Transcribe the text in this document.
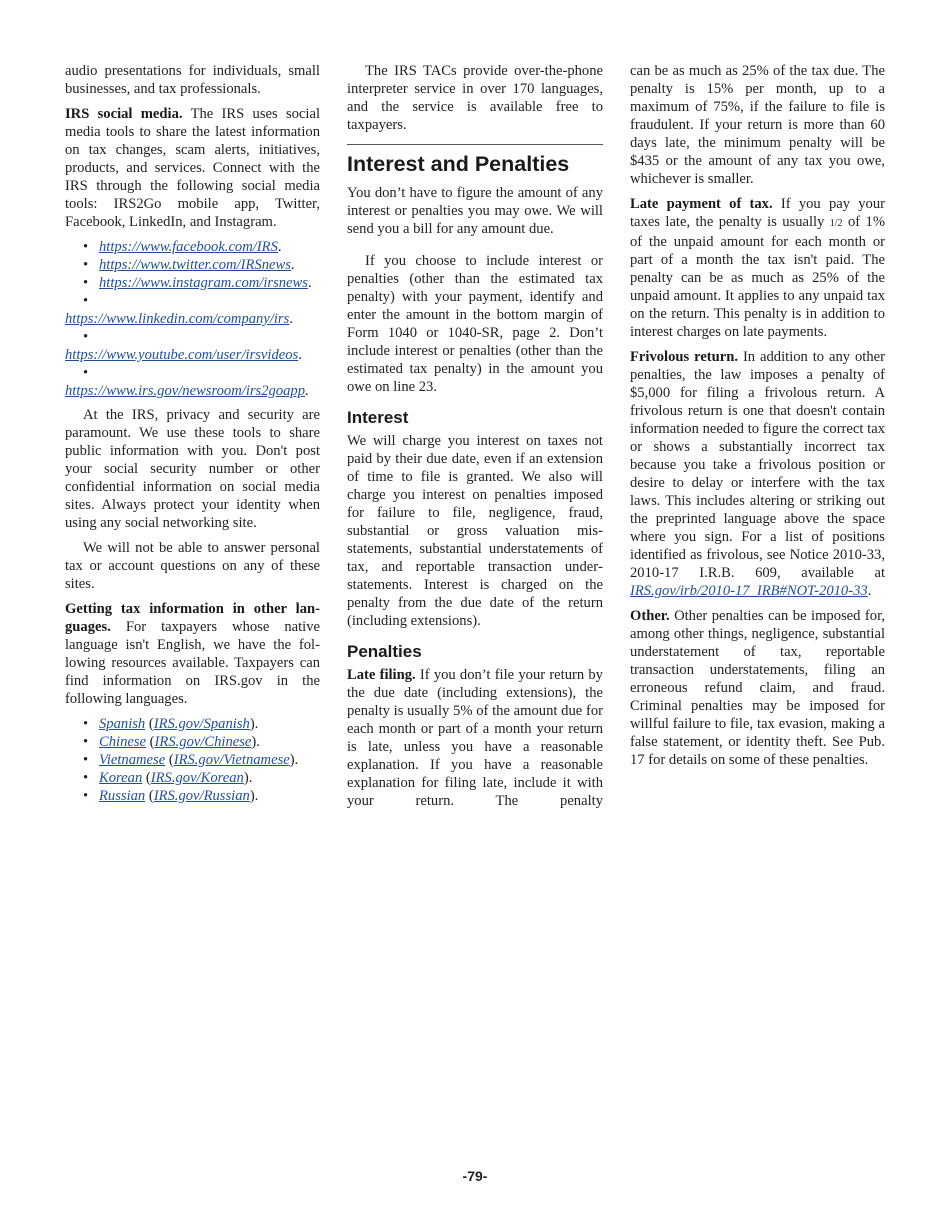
audio presentations for individuals, small businesses, and tax professionals.

IRS social media. The IRS uses social media tools to share the latest information on tax changes, scam alerts, initiatives, products, and services. Connect with the IRS through the following social media tools: IRS2Go mobile app, Twitter, Facebook, LinkedIn, and Instagram.

• https://www.facebook.com/IRS.
• https://www.twitter.com/IRSnews.
• https://www.instagram.com/irsnews.
• https://www.linkedin.com/company/irs.
• https://www.youtube.com/user/irsvideos.
• https://www.irs.gov/newsroom/irs2goapp.

At the IRS, privacy and security are paramount. We use these tools to share public information with you. Don't post your social security number or other confidential information on social media sites. Always protect your identity when using any social networking site.

We will not be able to answer personal tax or account questions on any of these sites.

Getting tax information in other languages. For taxpayers whose native language isn't English, we have the following resources available. Taxpayers can find information on IRS.gov in the following languages.

• Spanish (IRS.gov/Spanish).
• Chinese (IRS.gov/Chinese).
• Vietnamese (IRS.gov/Vietnamese).
• Korean (IRS.gov/Korean).
• Russian (IRS.gov/Russian).

The IRS TACs provide over-the-phone interpreter service in over 170 languages, and the service is available free to taxpayers.

Interest and Penalties

You don’t have to figure the amount of any interest or penalties you may owe. We will send you a bill for any amount due.

If you choose to include interest or penalties (other than the estimated tax penalty) with your payment, identify and enter the amount in the bottom margin of Form 1040 or 1040-SR, page 2. Don’t include interest or penalties (other than the estimated tax penalty) in the amount you owe on line 23.

Interest

We will charge you interest on taxes not paid by their due date, even if an extension of time to file is granted. We also will charge you interest on penalties imposed for failure to file, negligence, fraud, substantial or gross valuation misstatements, substantial understatements of tax, and reportable transaction understatements. Interest is charged on the penalty from the due date of the return (including extensions).

Penalties

Late filing. If you don’t file your return by the due date (including extensions), the penalty is usually 5% of the amount due for each month or part of a month your return is late, unless you have a reasonable explanation. If you have a reasonable explanation for filing late, include it with your return. The penalty

can be as much as 25% of the tax due. The penalty is 15% per month, up to a maximum of 75%, if the failure to file is fraudulent. If your return is more than 60 days late, the minimum penalty will be $435 or the amount of any tax you owe, whichever is smaller.

Late payment of tax. If you pay your taxes late, the penalty is usually 1/2 of 1% of the unpaid amount for each month or part of a month the tax isn't paid. The penalty can be as much as 25% of the unpaid amount. It applies to any unpaid tax on the return. This penalty is in addition to interest charges on late payments.

Frivolous return. In addition to any other penalties, the law imposes a penalty of $5,000 for filing a frivolous return. A frivolous return is one that doesn't contain information needed to figure the correct tax or shows a substantially incorrect tax because you take a frivolous position or desire to delay or interfere with the tax laws. This includes altering or striking out the preprinted language above the space where you sign. For a list of positions identified as frivolous, see Notice 2010-33, 2010-17 I.R.B. 609, available at IRS.gov/irb/2010-17_IRB#NOT-2010-33.

Other. Other penalties can be imposed for, among other things, negligence, substantial understatement of tax, reportable transaction understatements, filing an erroneous refund claim, and fraud. Criminal penalties may be imposed for willful failure to file, tax evasion, making a false statement, or identity theft. See Pub. 17 for details on some of these penalties.

-79-
